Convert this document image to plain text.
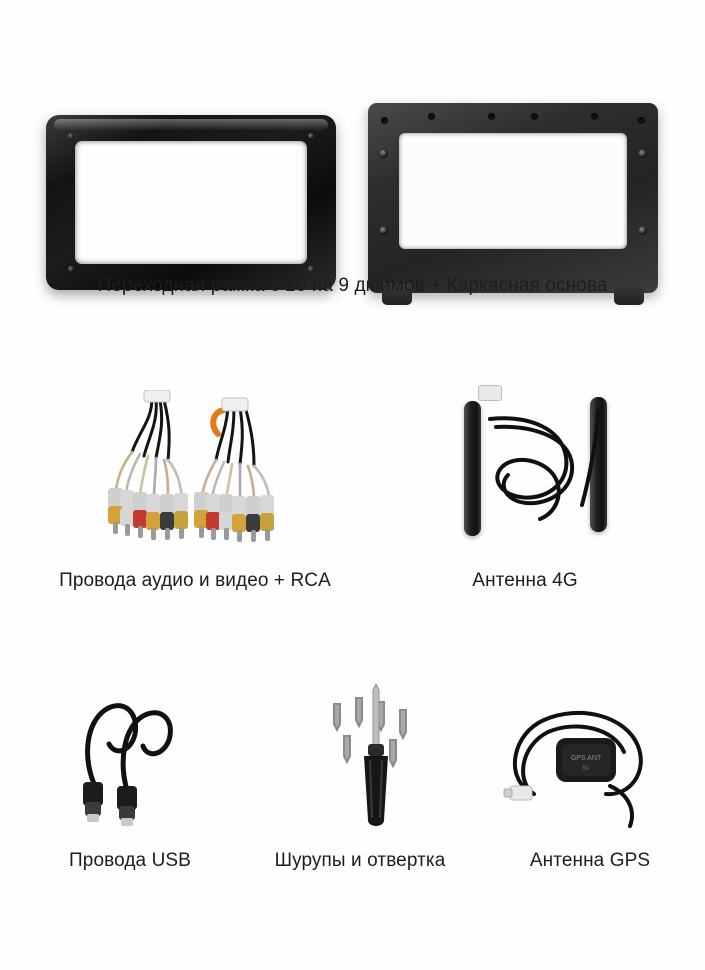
Переходная рамка с 10 на 9 дюймов + Каркасная основа
Провода аудио и видео + RCA	Антенна 4G
GPS ANT
5V
Провода USB	Шурупы и отвертка	Антенна GPS
